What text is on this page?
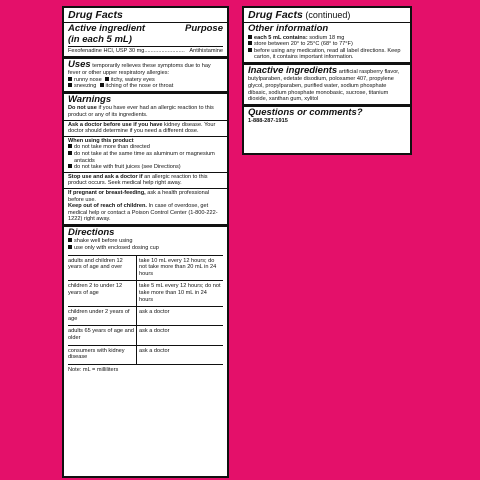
Drug Facts
Active ingredient
(in each 5 mL)
Purpose
Fexofenadine HCl, USP 30 mg.......................... Antihistamine
Uses temporarily relieves these symptoms due to hay fever or other upper respiratory allergies:
runny nose itchy, watery eyes
sneezing itching of the nose or throat
Warnings
Do not use if you have ever had an allergic reaction to this product or any of its ingredients.
Ask a doctor before use if you have kidney disease. Your doctor should determine if you need a different dose.
When using this product
do not take more than directed
do not take at the same time as aluminum or magnesium antacids
do not take with fruit juices (see Directions)
Stop use and ask a doctor if an allergic reaction to this product occurs. Seek medical help right away.
If pregnant or breast-feeding, ask a health professional before use.
Keep out of reach of children. In case of overdose, get medical help or contact a Poison Control Center (1-800-222-1222) right away.
Directions
shake well before using
use only with enclosed dosing cup
adults and children 12 years of age and over	take 10 mL every 12 hours; do not take more than 20 mL in 24 hours
children 2 to under 12 years of age	take 5 mL every 12 hours; do not take more than 10 mL in 24 hours
children under 2 years of age	ask a doctor
adults 65 years of age and older	ask a doctor
consumers with kidney disease	ask a doctor
Note: mL = milliliters
Drug Facts (continued)
Other information
each 5 mL contains: sodium 18 mg
store between 20° to 25°C (68° to 77°F)
before using any medication, read all label directions. Keep carton, it contains important information.
Inactive ingredients artificial raspberry flavor, butylparaben, edetate disodium, poloxamer 407, propylene glycol, propylparaben, purified water, sodium phosphate dibasic, sodium phosphate monobasic, sucrose, titanium dioxide, xanthan gum, xylitol
Questions or comments?
1-888-287-1915
